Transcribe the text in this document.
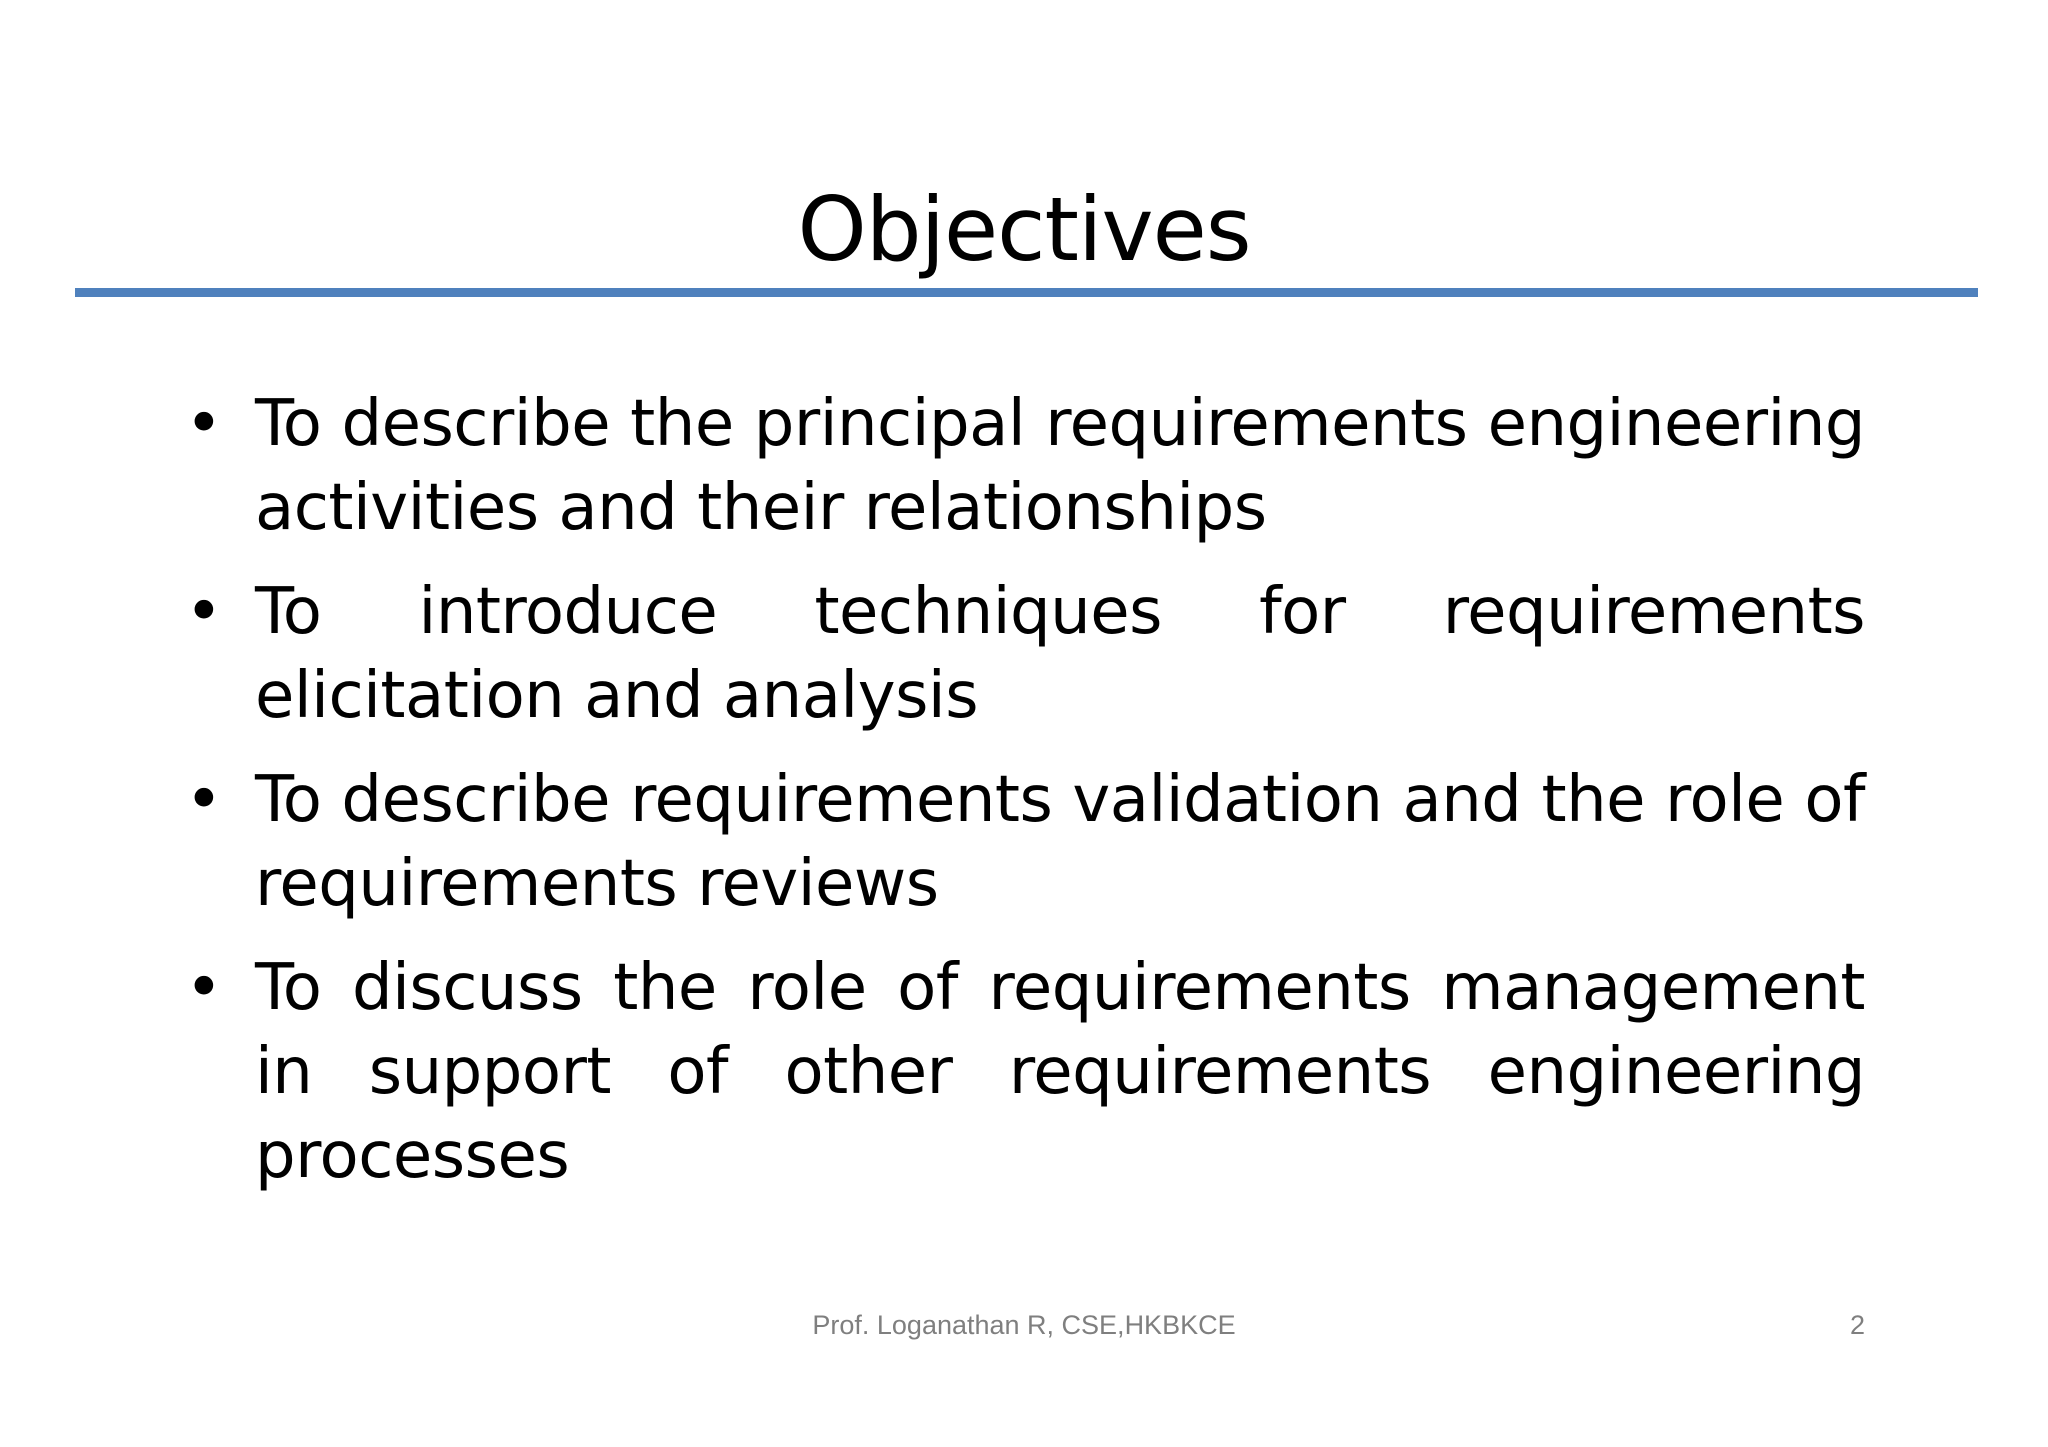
Objectives
• To describe the principal requirements engineering activities and their relationships
• To introduce techniques for requirements elicitation and analysis
• To describe requirements validation and the role of requirements reviews
• To discuss the role of requirements management in support of other requirements engineering processes
Prof. Loganathan R, CSE,HKBKCE	2
